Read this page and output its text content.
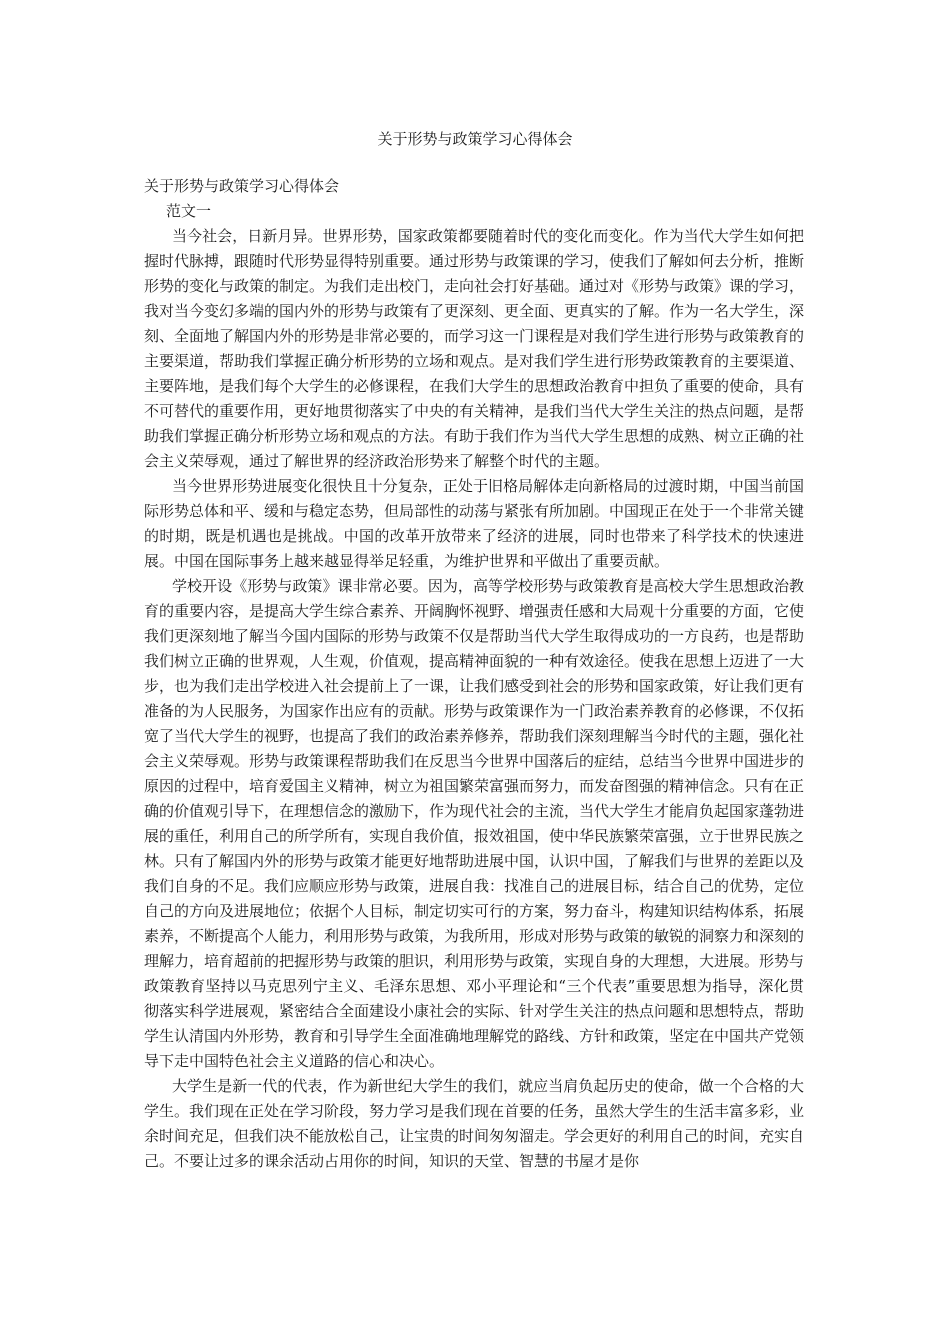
关于形势与政策学习心得体会

关于形势与政策学习心得体会

范文一

当今社会，日新月异。世界形势，国家政策都要随着时代的变化而变化。作为当代大学生如何把握时代脉搏，跟随时代形势显得特别重要。通过形势与政策课的学习，使我们了解如何去分析，推断形势的变化与政策的制定。为我们走出校门，走向社会打好基础。通过对《形势与政策》课的学习，我对当今变幻多端的国内外的形势与政策有了更深刻、更全面、更真实的了解。作为一名大学生，深刻、全面地了解国内外的形势是非常必要的，而学习这一门课程是对我们学生进行形势与政策教育的主要渠道，帮助我们掌握正确分析形势的立场和观点。是对我们学生进行形势政策教育的主要渠道、主要阵地，是我们每个大学生的必修课程，在我们大学生的思想政治教育中担负了重要的使命，具有不可替代的重要作用，更好地贯彻落实了中央的有关精神，是我们当代大学生关注的热点问题，是帮助我们掌握正确分析形势立场和观点的方法。有助于我们作为当代大学生思想的成熟、树立正确的社会主义荣辱观，通过了解世界的经济政治形势来了解整个时代的主题。

当今世界形势进展变化很快且十分复杂，正处于旧格局解体走向新格局的过渡时期，中国当前国际形势总体和平、缓和与稳定态势，但局部性的动荡与紧张有所加剧。中国现正在处于一个非常关键的时期，既是机遇也是挑战。中国的改革开放带来了经济的进展，同时也带来了科学技术的快速进展。中国在国际事务上越来越显得举足轻重，为维护世界和平做出了重要贡献。

学校开设《形势与政策》课非常必要。因为，高等学校形势与政策教育是高校大学生思想政治教育的重要内容，是提高大学生综合素养、开阔胸怀视野、增强责任感和大局观十分重要的方面，它使我们更深刻地了解当今国内国际的形势与政策不仅是帮助当代大学生取得成功的一方良药，也是帮助我们树立正确的世界观，人生观，价值观，提高精神面貌的一种有效途径。使我在思想上迈进了一大步，也为我们走出学校进入社会提前上了一课，让我们感受到社会的形势和国家政策，好让我们更有准备的为人民服务，为国家作出应有的贡献。形势与政策课作为一门政治素养教育的必修课，不仅拓宽了当代大学生的视野，也提高了我们的政治素养修养，帮助我们深刻理解当今时代的主题，强化社会主义荣辱观。形势与政策课程帮助我们在反思当今世界中国落后的症结，总结当今世界中国进步的原因的过程中，培育爱国主义精神，树立为祖国繁荣富强而努力，而发奋图强的精神信念。只有在正确的价值观引导下，在理想信念的激励下，作为现代社会的主流，当代大学生才能肩负起国家蓬勃进展的重任，利用自己的所学所有，实现自我价值，报效祖国，使中华民族繁荣富强，立于世界民族之林。只有了解国内外的形势与政策才能更好地帮助进展中国，认识中国，了解我们与世界的差距以及我们自身的不足。我们应顺应形势与政策，进展自我：找准自己的进展目标，结合自己的优势，定位自己的方向及进展地位；依据个人目标，制定切实可行的方案，努力奋斗，构建知识结构体系，拓展素养，不断提高个人能力，利用形势与政策，为我所用，形成对形势与政策的敏锐的洞察力和深刻的理解力，培育超前的把握形势与政策的胆识，利用形势与政策，实现自身的大理想，大进展。形势与政策教育坚持以马克思列宁主义、毛泽东思想、邓小平理论和“三个代表”重要思想为指导，深化贯彻落实科学进展观，紧密结合全面建设小康社会的实际、针对学生关注的热点问题和思想特点，帮助学生认清国内外形势，教育和引导学生全面准确地理解党的路线、方针和政策，坚定在中国共产党领导下走中国特色社会主义道路的信心和决心。

大学生是新一代的代表，作为新世纪大学生的我们，就应当肩负起历史的使命，做一个合格的大学生。我们现在正处在学习阶段，努力学习是我们现在首要的任务，虽然大学生的生活丰富多彩，业余时间充足，但我们决不能放松自己，让宝贵的时间匆匆溜走。学会更好的利用自己的时间，充实自己。不要让过多的课余活动占用你的时间，知识的天堂、智慧的书屋才是你
